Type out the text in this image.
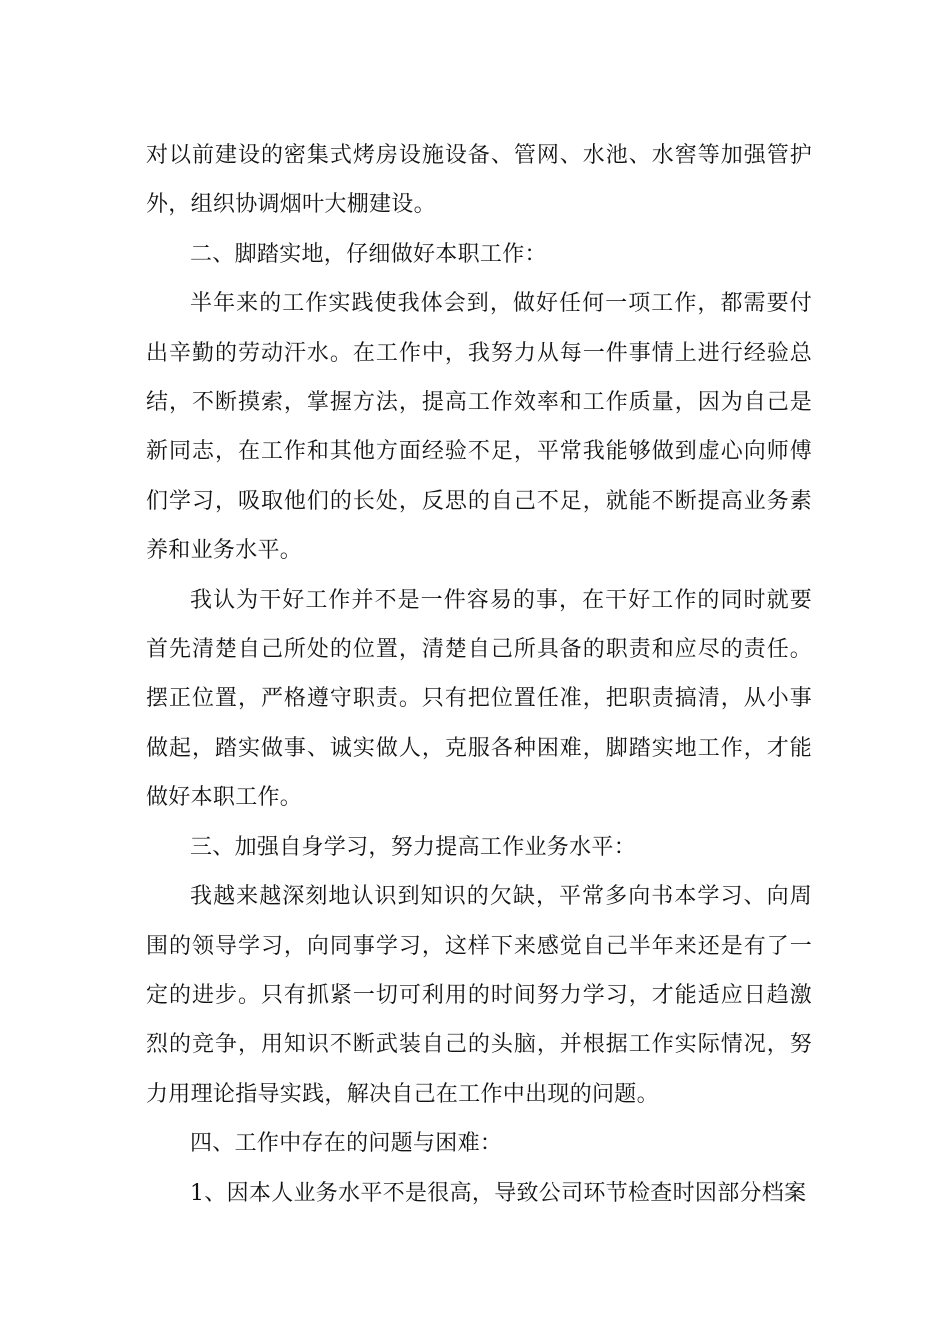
对以前建设的密集式烤房设施设备、管网、水池、水窖等加强管护外，组织协调烟叶大棚建设。

二、脚踏实地，仔细做好本职工作：

半年来的工作实践使我体会到，做好任何一项工作，都需要付出辛勤的劳动汗水。在工作中，我努力从每一件事情上进行经验总结，不断摸索，掌握方法，提高工作效率和工作质量，因为自己是新同志，在工作和其他方面经验不足，平常我能够做到虚心向师傅们学习，吸取他们的长处，反思的自己不足，就能不断提高业务素养和业务水平。

我认为干好工作并不是一件容易的事，在干好工作的同时就要首先清楚自己所处的位置，清楚自己所具备的职责和应尽的责任。摆正位置，严格遵守职责。只有把位置任准，把职责搞清，从小事做起，踏实做事、诚实做人，克服各种困难，脚踏实地工作，才能做好本职工作。

三、加强自身学习，努力提高工作业务水平：

我越来越深刻地认识到知识的欠缺，平常多向书本学习、向周围的领导学习，向同事学习，这样下来感觉自己半年来还是有了一定的进步。只有抓紧一切可利用的时间努力学习，才能适应日趋激烈的竞争，用知识不断武装自己的头脑，并根据工作实际情况，努力用理论指导实践，解决自己在工作中出现的问题。

四、工作中存在的问题与困难：

1、因本人业务水平不是很高，导致公司环节检查时因部分档案
